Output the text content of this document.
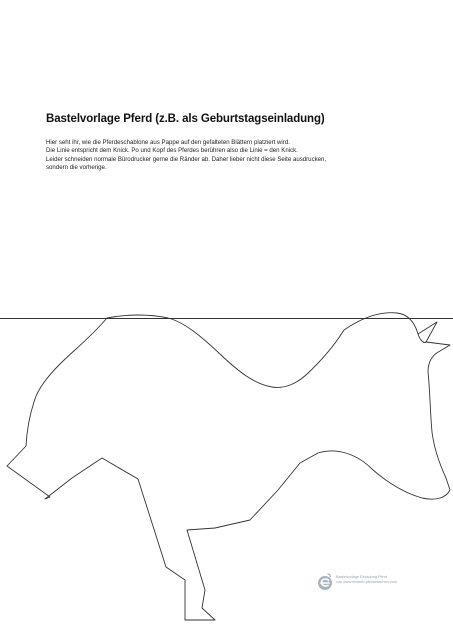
Bastelvorlage Pferd (z.B. als Geburtstagseinladung)
Hier seht ihr, wie die Pferdeschablone aus Pappe auf den gefalteten Blättern platziert wird.
Die Linie entspricht dem Knick. Po und Kopf des Pferdes berühren also die Linie = den Knick.
Leider schneiden normale Bürodrucker gerne die Ränder ab. Daher lieber nicht diese Seite ausdrucken,
sondern die vorherige.
Bastelvorlage Einladung Pferd
von www.einfach-pferdesachen.com
